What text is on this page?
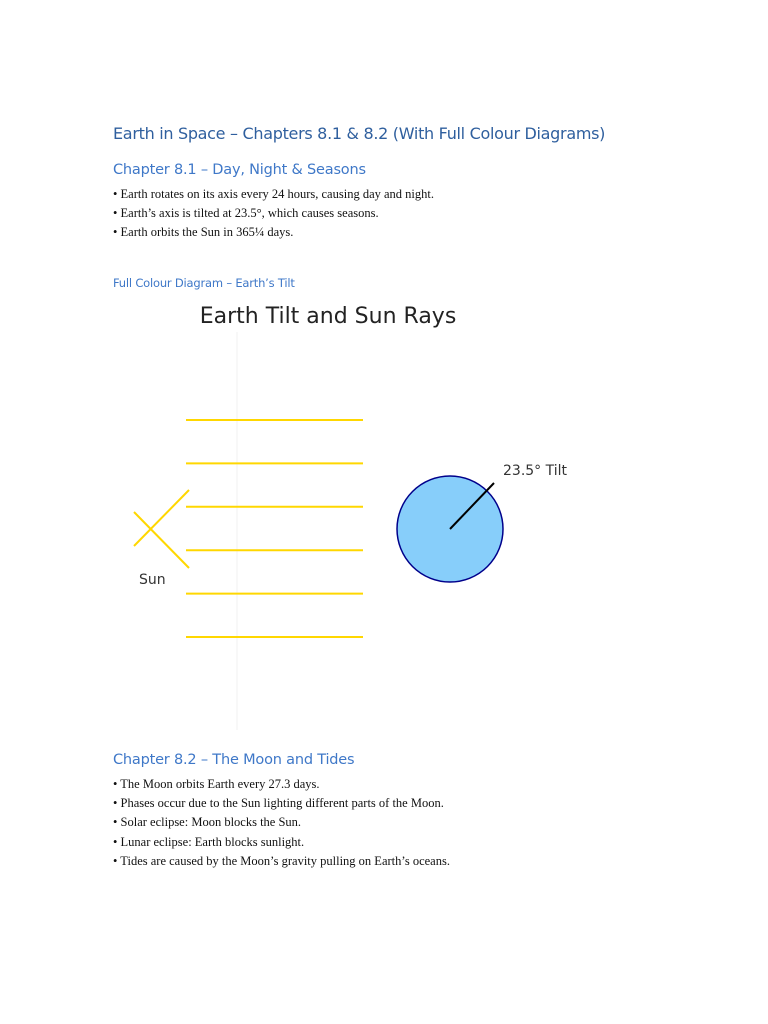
Earth in Space – Chapters 8.1 & 8.2 (With Full Colour Diagrams)
Chapter 8.1 – Day, Night & Seasons
• Earth rotates on its axis every 24 hours, causing day and night.
• Earth’s axis is tilted at 23.5°, which causes seasons.
• Earth orbits the Sun in 365¼ days.

Full Colour Diagram – Earth’s Tilt

Earth Tilt and Sun Rays
Sun
23.5° Tilt
Chapter 8.2 – The Moon and Tides
• The Moon orbits Earth every 27.3 days.
• Phases occur due to the Sun lighting different parts of the Moon.
• Solar eclipse: Moon blocks the Sun.
• Lunar eclipse: Earth blocks sunlight.
• Tides are caused by the Moon’s gravity pulling on Earth’s oceans.
